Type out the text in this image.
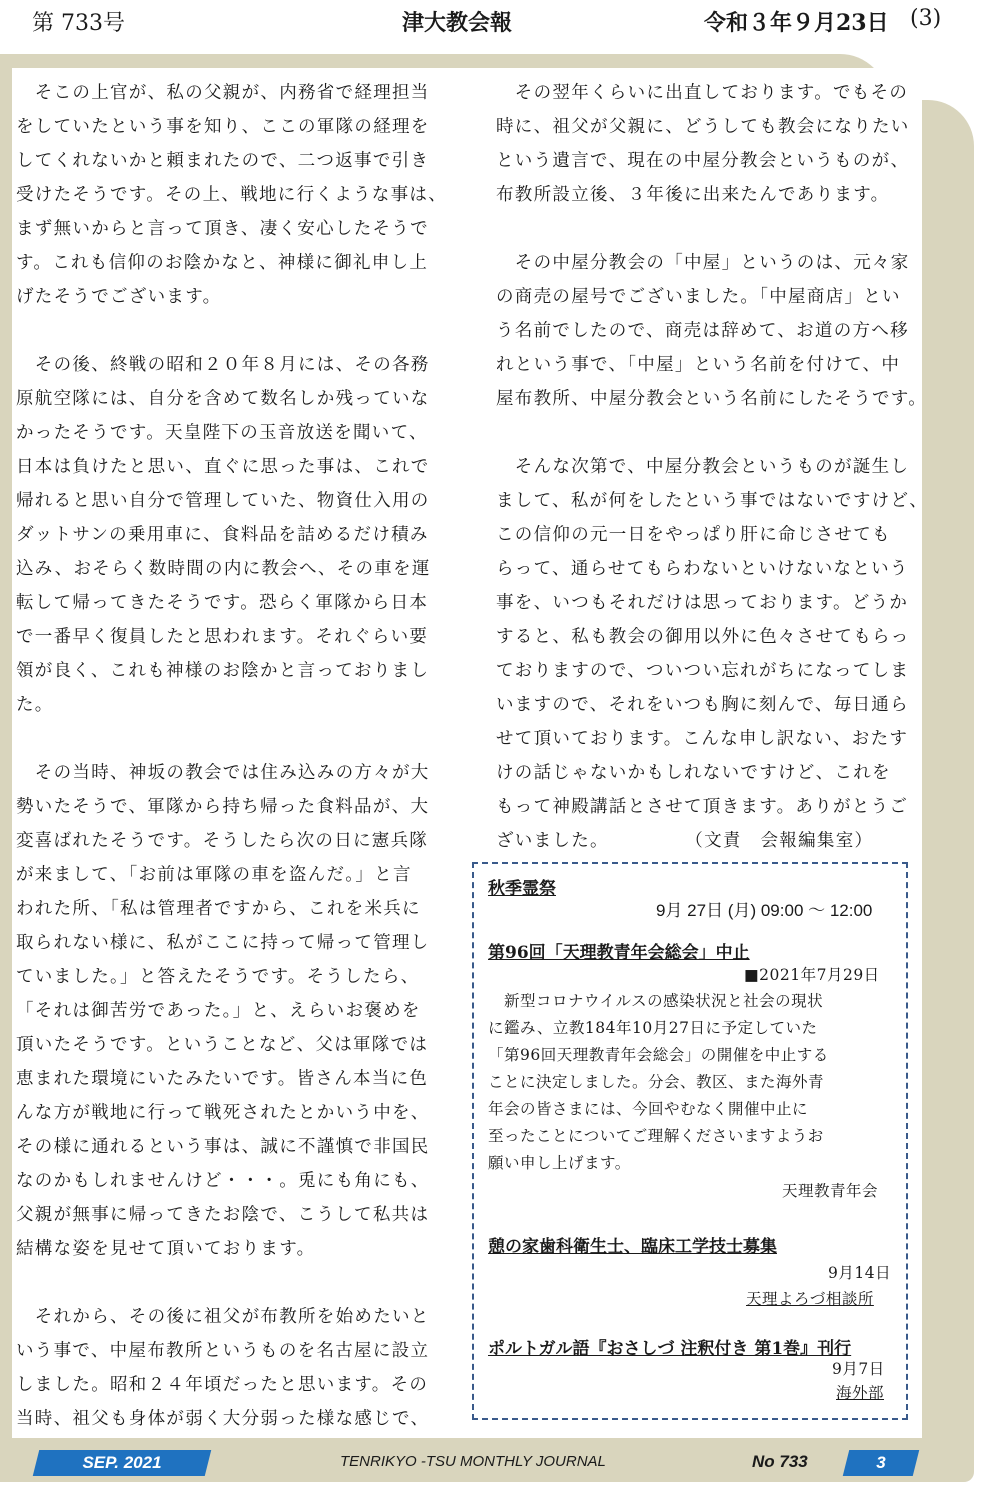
第 733号	津大教会報	令和３年９月23日 (3)
　そこの上官が、私の父親が、内務省で経理担当
をしていたという事を知り、ここの軍隊の経理を
してくれないかと頼まれたので、二つ返事で引き
受けたそうです。その上、戦地に行くような事は、
まず無いからと言って頂き、凄く安心したそうで
す。これも信仰のお陰かなと、神様に御礼申し上
げたそうでございます。

　その後、終戦の昭和２０年８月には、その各務
原航空隊には、自分を含めて数名しか残っていな
かったそうです。天皇陛下の玉音放送を聞いて、
日本は負けたと思い、直ぐに思った事は、これで
帰れると思い自分で管理していた、物資仕入用の
ダットサンの乗用車に、食料品を詰めるだけ積み
込み、おそらく数時間の内に教会へ、その車を運
転して帰ってきたそうです。恐らく軍隊から日本
で一番早く復員したと思われます。それぐらい要
領が良く、これも神様のお陰かと言っておりまし
た。

　その当時、神坂の教会では住み込みの方々が大
勢いたそうで、軍隊から持ち帰った食料品が、大
変喜ばれたそうです。そうしたら次の日に憲兵隊
が来まして、「お前は軍隊の車を盗んだ。」と言
われた所、「私は管理者ですから、これを米兵に
取られない様に、私がここに持って帰って管理し
ていました。」と答えたそうです。そうしたら、
「それは御苦労であった。」と、えらいお褒めを
頂いたそうです。ということなど、父は軍隊では
恵まれた環境にいたみたいです。皆さん本当に色
んな方が戦地に行って戦死されたとかいう中を、
その様に通れるという事は、誠に不謹慎で非国民
なのかもしれませんけど・・・。兎にも角にも、
父親が無事に帰ってきたお陰で、こうして私共は
結構な姿を見せて頂いております。

　それから、その後に祖父が布教所を始めたいと
いう事で、中屋布教所というものを名古屋に設立
しました。昭和２４年頃だったと思います。その
当時、祖父も身体が弱く大分弱った様な感じで、
　その翌年くらいに出直しております。でもその
時に、祖父が父親に、どうしても教会になりたい
という遺言で、現在の中屋分教会というものが、
布教所設立後、３年後に出来たんであります。

　その中屋分教会の「中屋」というのは、元々家
の商売の屋号でございました。「中屋商店」とい
う名前でしたので、商売は辞めて、お道の方へ移
れという事で、「中屋」という名前を付けて、中
屋布教所、中屋分教会という名前にしたそうです。

　そんな次第で、中屋分教会というものが誕生し
まして、私が何をしたという事ではないですけど、
この信仰の元一日をやっぱり肝に命じさせても
らって、通らせてもらわないといけないなという
事を、いつもそれだけは思っております。どうか
すると、私も教会の御用以外に色々させてもらっ
ておりますので、ついつい忘れがちになってしま
いますので、それをいつも胸に刻んで、毎日通ら
せて頂いております。こんな申し訳ない、おたす
けの話じゃないかもしれないですけど、これを
もって神殿講話とさせて頂きます。ありがとうご
ざいました。　　　　　（文責　会報編集室）
秋季霊祭
9月 27日 (月) 09:00 ～ 12:00
第96回「天理教青年会総会」中止
■2021年7月29日
　新型コロナウイルスの感染状況と社会の現状
に鑑み、立教184年10月27日に予定していた
「第96回天理教青年会総会」の開催を中止する
ことに決定しました。分会、教区、また海外青
年会の皆さまには、今回やむなく開催中止に
至ったことについてご理解くださいますようお
願い申し上げます。
天理教青年会
憩の家歯科衛生士、臨床工学技士募集
9月14日
天理よろづ相談所
ポルトガル語『おさしづ 注釈付き 第1巻』刊行
9月7日
海外部
SEP. 2021	TENRIKYO -TSU MONTHLY JOURNAL	No 733	3
